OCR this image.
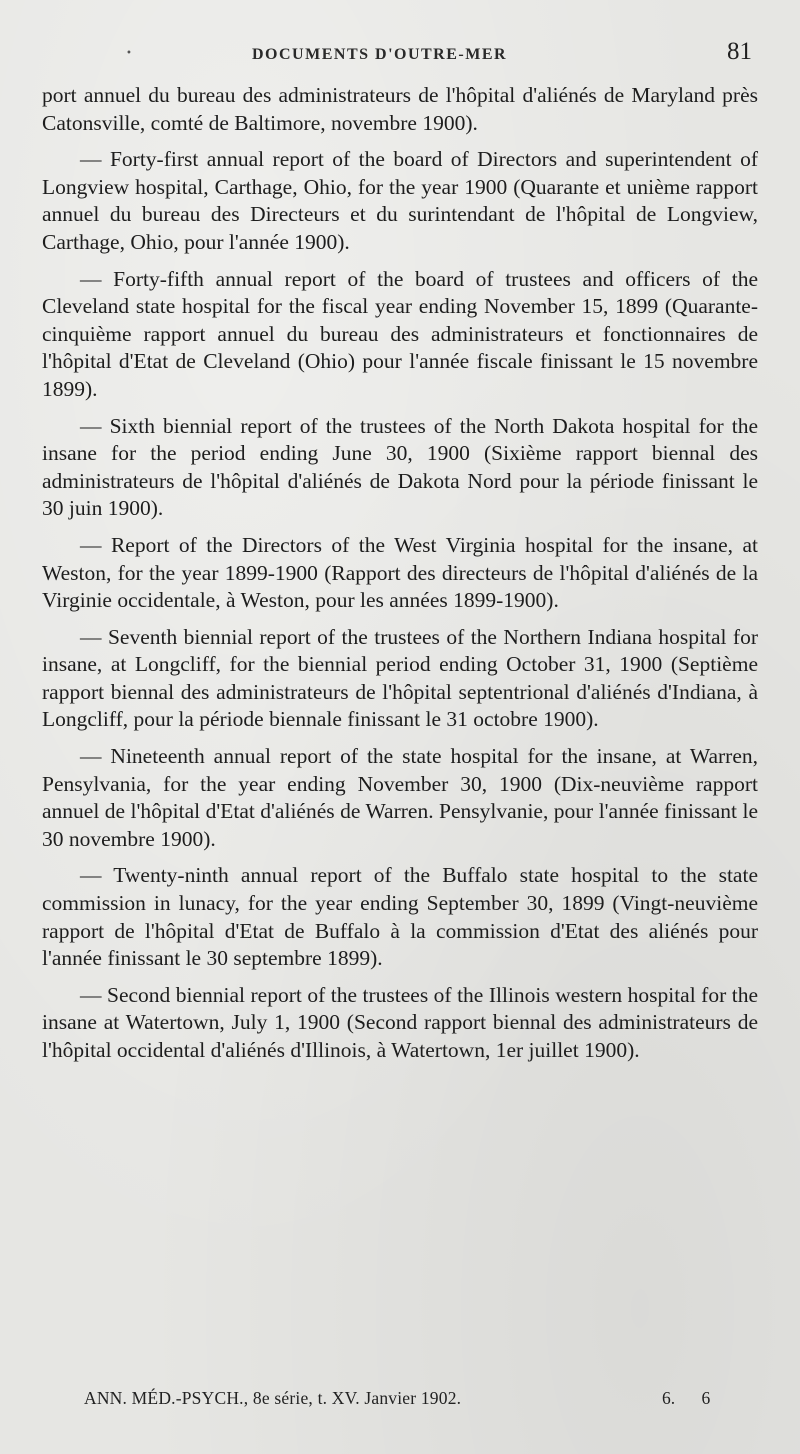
•	DOCUMENTS D'OUTRE-MER	81

port annuel du bureau des administrateurs de l'hôpital d'aliénés de Maryland près Catonsville, comté de Baltimore, novembre 1900).

— Forty-first annual report of the board of Directors and superintendent of Longview hospital, Carthage, Ohio, for the year 1900 (Quarante et unième rapport annuel du bureau des Directeurs et du surintendant de l'hôpital de Longview, Carthage, Ohio, pour l'année 1900).

— Forty-fifth annual report of the board of trustees and officers of the Cleveland state hospital for the fiscal year ending November 15, 1899 (Quarante-cinquième rapport annuel du bureau des administrateurs et fonctionnaires de l'hôpital d'Etat de Cleveland (Ohio) pour l'année fiscale finissant le 15 novembre 1899).

— Sixth biennial report of the trustees of the North Dakota hospital for the insane for the period ending June 30, 1900 (Sixième rapport biennal des administrateurs de l'hôpital d'aliénés de Dakota Nord pour la période finissant le 30 juin 1900).

— Report of the Directors of the West Virginia hospital for the insane, at Weston, for the year 1899-1900 (Rapport des directeurs de l'hôpital d'aliénés de la Virginie occidentale, à Weston, pour les années 1899-1900).

— Seventh biennial report of the trustees of the Northern Indiana hospital for insane, at Longcliff, for the biennial period ending October 31, 1900 (Septième rapport biennal des administrateurs de l'hôpital septentrional d'aliénés d'Indiana, à Longcliff, pour la période biennale finissant le 31 octobre 1900).

— Nineteenth annual report of the state hospital for the insane, at Warren, Pensylvania, for the year ending November 30, 1900 (Dix-neuvième rapport annuel de l'hôpital d'Etat d'aliénés de Warren. Pensylvanie, pour l'année finissant le 30 novembre 1900).

— Twenty-ninth annual report of the Buffalo state hospital to the state commission in lunacy, for the year ending September 30, 1899 (Vingt-neuvième rapport de l'hôpital d'Etat de Buffalo à la commission d'Etat des aliénés pour l'année finissant le 30 septembre 1899).

— Second biennial report of the trustees of the Illinois western hospital for the insane at Watertown, July 1, 1900 (Second rapport biennal des administrateurs de l'hôpital occidental d'aliénés d'Illinois, à Watertown, 1er juillet 1900).

ANN. MÉD.-PSYCH., 8e série, t. XV. Janvier 1902.	6. 6
